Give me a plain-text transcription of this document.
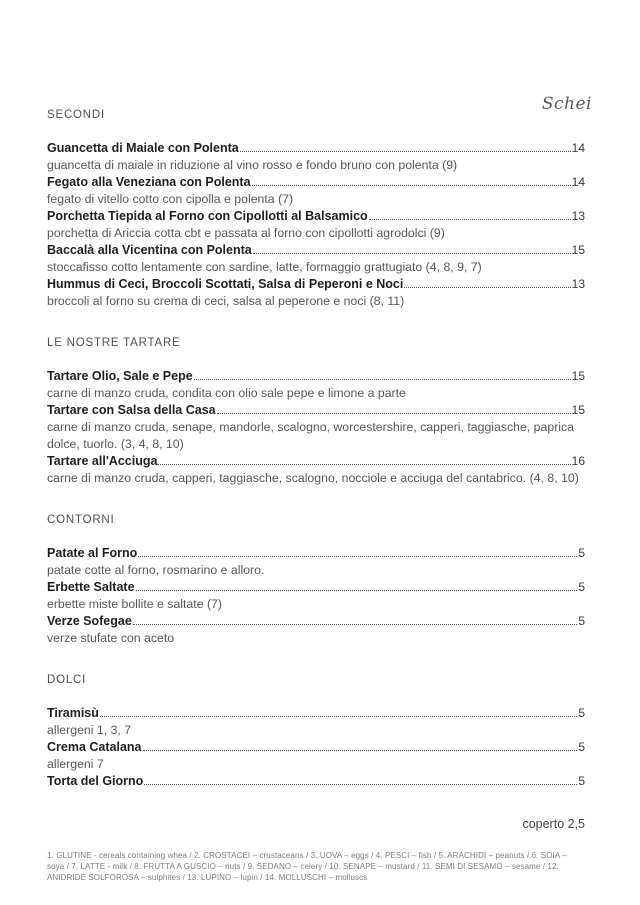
Schei
SECONDI
Guancetta di Maiale con Polenta	14
guancetta di maiale in riduzione al vino rosso e fondo bruno con polenta (9)
Fegato alla Veneziana con Polenta	14
fegato di vitello cotto con cipolla e polenta (7)
Porchetta Tiepida al Forno con Cipollotti al Balsamico	13
porchetta di Ariccia cotta cbt e passata al forno con cipollotti agrodolci (9)
Baccalà alla Vicentina con Polenta	15
stoccafisso cotto lentamente con sardine, latte, formaggio grattugiato (4, 8, 9, 7)
Hummus di Ceci, Broccoli Scottati, Salsa di Peperoni e Noci	13
broccoli al forno su crema di ceci, salsa al peperone e noci (8, 11)
LE NOSTRE TARTARE
Tartare Olio, Sale e Pepe	15
carne di manzo cruda, condita con olio sale pepe e limone a parte
Tartare con Salsa della Casa	15
carne di manzo cruda, senape, mandorle, scalogno, worcestershire, capperi, taggiasche, paprica dolce, tuorlo. (3, 4, 8, 10)
Tartare all'Acciuga	16
carne di manzo cruda, capperi, taggiasche, scalogno, nocciole e acciuga del cantabrico. (4, 8, 10)
CONTORNI
Patate al Forno	5
patate cotte al forno, rosmarino e alloro.
Erbette Saltate	5
erbette miste bollite e saltate (7)
Verze Sofegae	5
verze stufate con aceto
DOLCI
Tiramisù	5
allergeni 1, 3, 7
Crema Catalana	5
allergeni 7
Torta del Giorno	5
coperto 2,5
1. GLUTINE - cereals containing whea / 2. CROSTACEI – crustaceans / 3. UOVA – eggs / 4. PESCI – fish / 5. ARACHIDI – peanuts / 6. SOIA – soya / 7. LATTE - milk / 8. FRUTTA A GUSCIO – nuts / 9. SEDANO – celery / 10. SENAPE – mustard / 11. SEMI DI SESAMO – sesame / 12. ANIDRIDE SOLFOROSA – sulphites / 13. LUPINO – lupin / 14. MOLLUSCHI – molluscs
